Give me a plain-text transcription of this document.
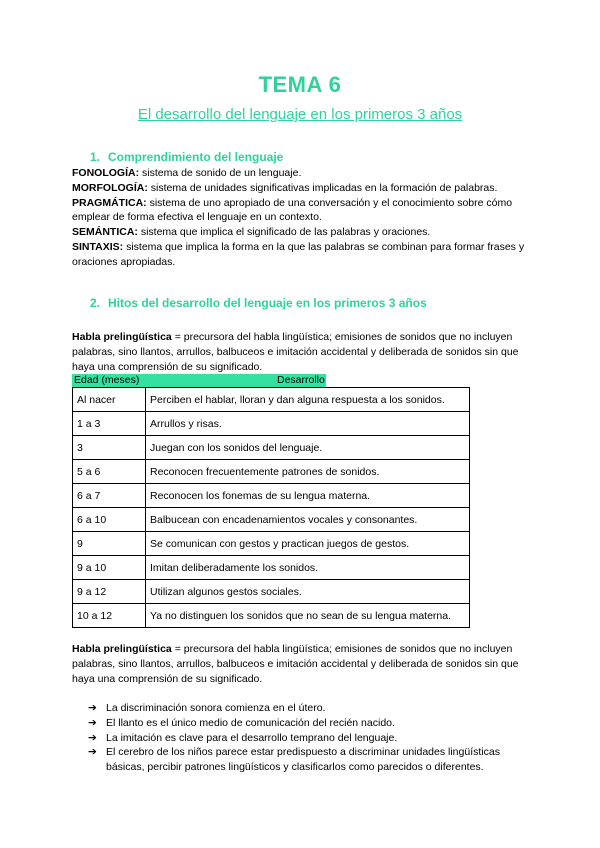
TEMA 6
El desarrollo del lenguaje en los primeros 3 años
1. Comprendimiento del lenguaje

FONOLOGÍA: sistema de sonido de un lenguaje.

MORFOLOGÍA: sistema de unidades significativas implicadas en la formación de palabras.

PRAGMÁTICA: sistema de uno apropiado de una conversación y el conocimiento sobre cómo emplear de forma efectiva el lenguaje en un contexto.

SEMÁNTICA: sistema que implica el significado de las palabras y oraciones.

SINTAXIS: sistema que implica la forma en la que las palabras se combinan para formar frases y oraciones apropiadas.

2. Hitos del desarrollo del lenguaje en los primeros 3 años

Habla prelingüística = precursora del habla lingüística; emisiones de sonidos que no incluyen palabras, sino llantos, arrullos, balbuceos e imitación accidental y deliberada de sonidos sin que haya una comprensión de su significado.

Edad (meses)	Desarrollo
Al nacer	Perciben el hablar, lloran y dan alguna respuesta a los sonidos.
1 a 3	Arrullos y risas.
3	Juegan con los sonidos del lenguaje.
5 a 6	Reconocen frecuentemente patrones de sonidos.
6 a 7	Reconocen los fonemas de su lengua materna.
6 a 10	Balbucean con encadenamientos vocales y consonantes.
9	Se comunican con gestos y practican juegos de gestos.
9 a 10	Imitan deliberadamente los sonidos.
9 a 12	Utilizan algunos gestos sociales.
10 a 12	Ya no distinguen los sonidos que no sean de su lengua materna.

Habla prelingüística = precursora del habla lingüística; emisiones de sonidos que no incluyen palabras, sino llantos, arrullos, balbuceos e imitación accidental y deliberada de sonidos sin que haya una comprensión de su significado.

➔ La discriminación sonora comienza en el útero.
➔ El llanto es el único medio de comunicación del recién nacido.
➔ La imitación es clave para el desarrollo temprano del lenguaje.
➔ El cerebro de los niños parece estar predispuesto a discriminar unidades lingüísticas básicas, percibir patrones lingüísticos y clasificarlos como parecidos o diferentes.
